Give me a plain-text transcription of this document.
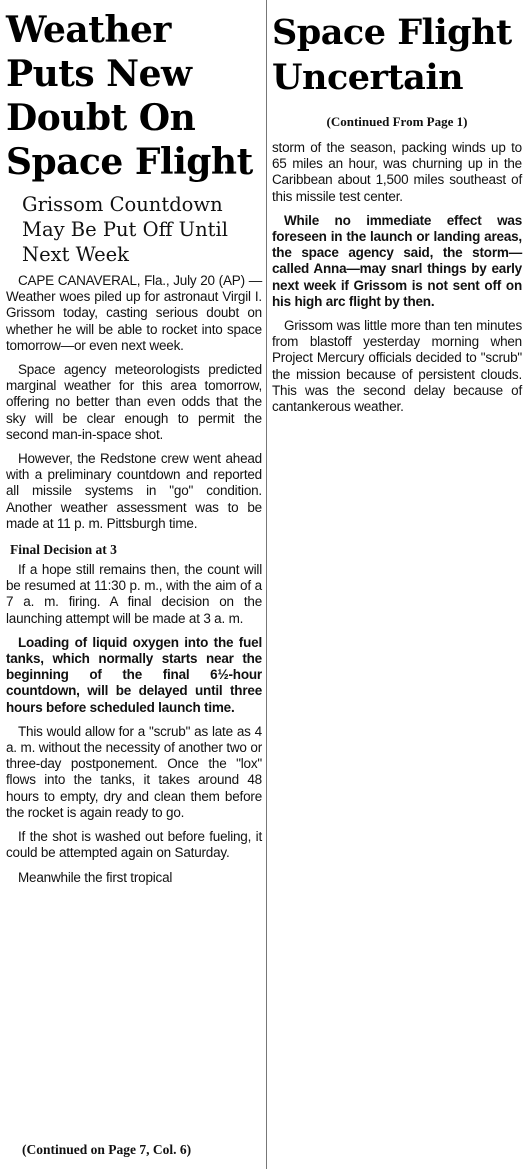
Weather Puts New Doubt On Space Flight
Grissom Countdown May Be Put Off Until Next Week

CAPE CANAVERAL, Fla., July 20 (AP) — Weather woes piled up for astronaut Virgil I. Grissom today, casting serious doubt on whether he will be able to rocket into space tomorrow—or even next week.

Space agency meteorologists predicted marginal weather for this area tomorrow, offering no better than even odds that the sky will be clear enough to permit the second man-in-space shot.

However, the Redstone crew went ahead with a preliminary countdown and reported all missile systems in "go" condition. Another weather assessment was to be made at 11 p. m. Pittsburgh time.

Final Decision at 3

If a hope still remains then, the count will be resumed at 11:30 p. m., with the aim of a 7 a. m. firing. A final decision on the launching attempt will be made at 3 a. m.

Loading of liquid oxygen into the fuel tanks, which normally starts near the beginning of the final 6½-hour countdown, will be delayed until three hours before scheduled launch time.

This would allow for a "scrub" as late as 4 a. m. without the necessity of another two or three-day postponement. Once the "lox" flows into the tanks, it takes around 48 hours to empty, dry and clean them before the rocket is again ready to go.

If the shot is washed out before fueling, it could be attempted again on Saturday.

Meanwhile the first tropical

(Continued on Page 7, Col. 6)
Space Flight Uncertain
(Continued From Page 1)

storm of the season, packing winds up to 65 miles an hour, was churning up in the Caribbean about 1,500 miles southeast of this missile test center.

While no immediate effect was foreseen in the launch or landing areas, the space agency said, the storm—called Anna—may snarl things by early next week if Grissom is not sent off on his high arc flight by then.

Grissom was little more than ten minutes from blastoff yesterday morning when Project Mercury officials decided to "scrub" the mission because of persistent clouds. This was the second delay because of cantankerous weather.
